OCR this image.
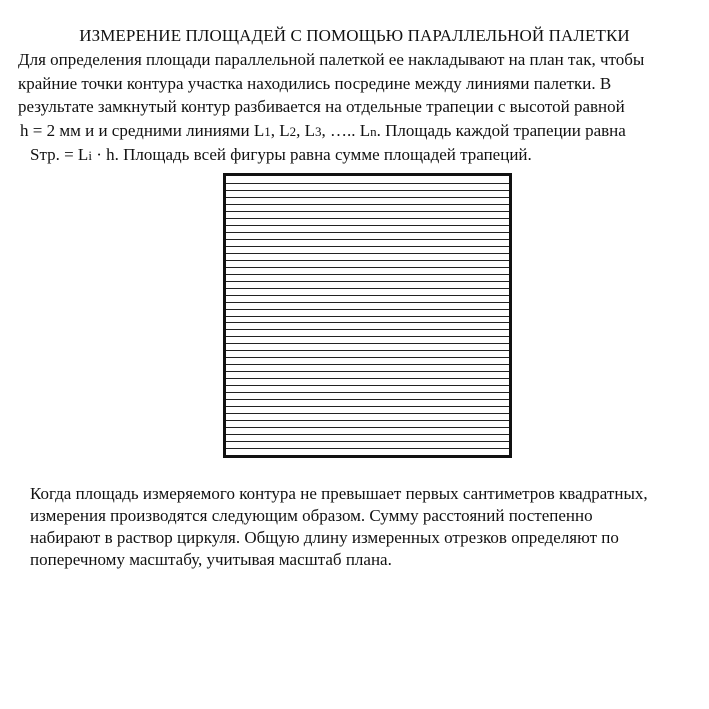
ИЗМЕРЕНИЕ ПЛОЩАДЕЙ С ПОМОЩЬЮ ПАРАЛЛЕЛЬНОЙ ПАЛЕТКИ
Для определения площади параллельной палеткой ее накладывают на план так, чтобы
крайние точки контура участка находились посредине между линиями палетки. В
результате замкнутый контур разбивается на отдельные трапеции с высотой равной
h = 2 мм и и средними линиями L1, L2, L3, ….. Ln. Площадь каждой трапеции равна
Sтр. = Li · h. Площадь всей фигуры равна сумме площадей трапеций.
Когда площадь измеряемого контура не превышает первых сантиметров квадратных,
измерения производятся следующим образом. Сумму расстояний постепенно
набирают в раствор циркуля. Общую длину измеренных отрезков определяют по
поперечному масштабу, учитывая масштаб плана.
